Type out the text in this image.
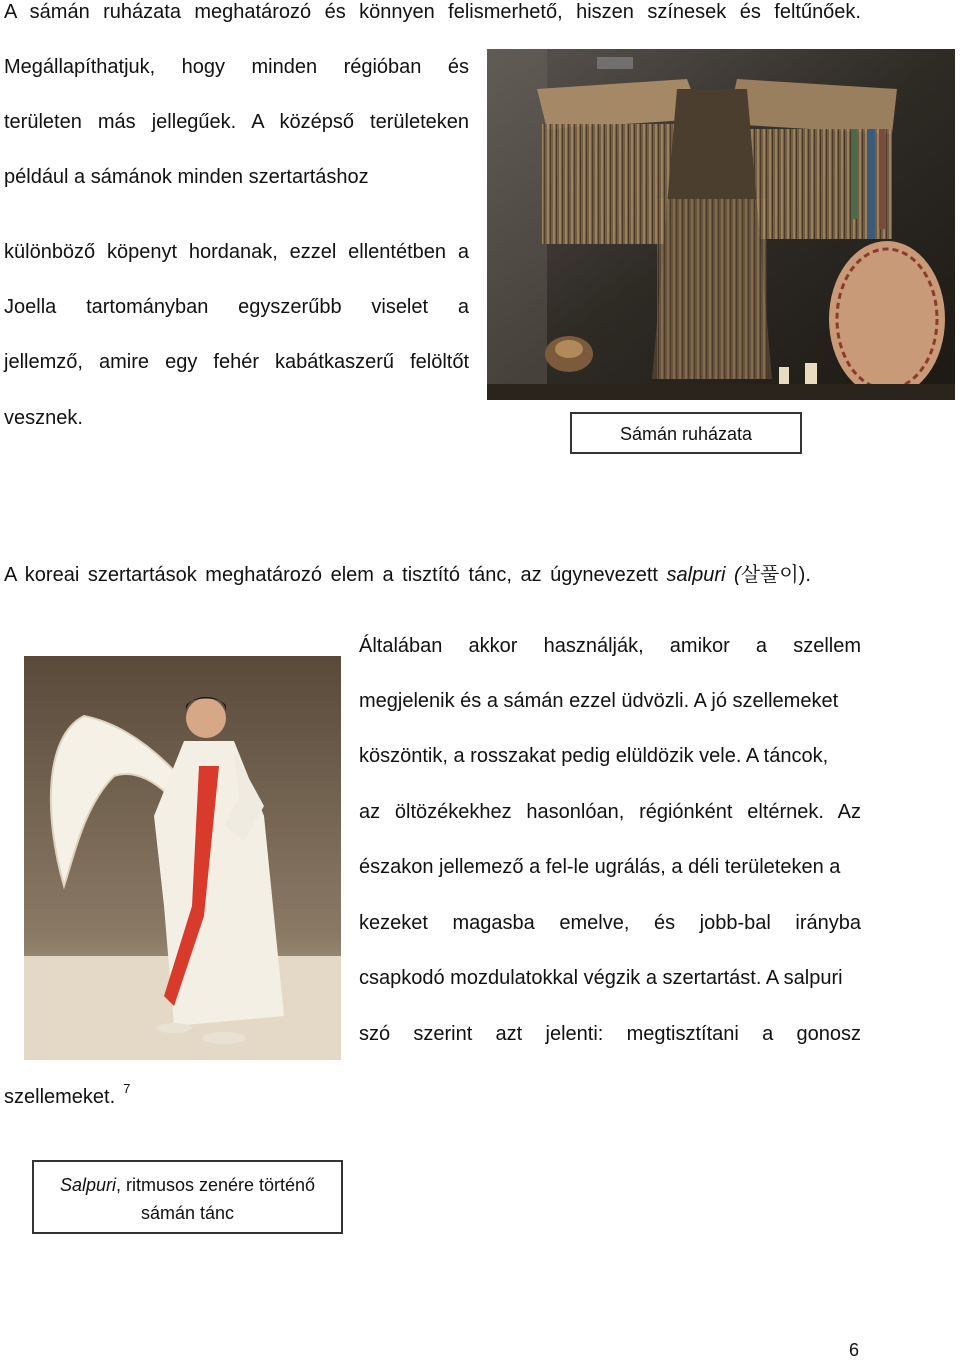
A sámán ruházata meghatározó és könnyen felismerhető, hiszen színesek és feltűnőek.
Megállapíthatjuk, hogy minden régióban és
területen más jellegűek. A középső területeken
például a sámánok minden szertartáshoz
különböző köpenyt hordanak, ezzel ellentétben a
Joella tartományban egyszerűbb viselet a
jellemző, amire egy fehér kabátkaszerű felöltőt
vesznek.
Sámán ruházata
A koreai szertartások meghatározó elem a tisztító tánc, az úgynevezett salpuri (살풀이).
Általában akkor használják, amikor a szellem
megjelenik és a sámán ezzel üdvözli. A jó szellemeket
köszöntik, a rosszakat pedig elüldözik vele. A táncok,
az öltözékekhez hasonlóan, régiónként eltérnek. Az
északon jellemező a fel-le ugrálás, a déli területeken a
kezeket magasba emelve, és jobb-bal irányba
csapkodó mozdulatokkal végzik a szertartást. A salpuri
szó szerint azt jelenti: megtisztítani a gonosz
szellemeket. $^7$
Salpuri, ritmusos zenére történő
sámán tánc
6
